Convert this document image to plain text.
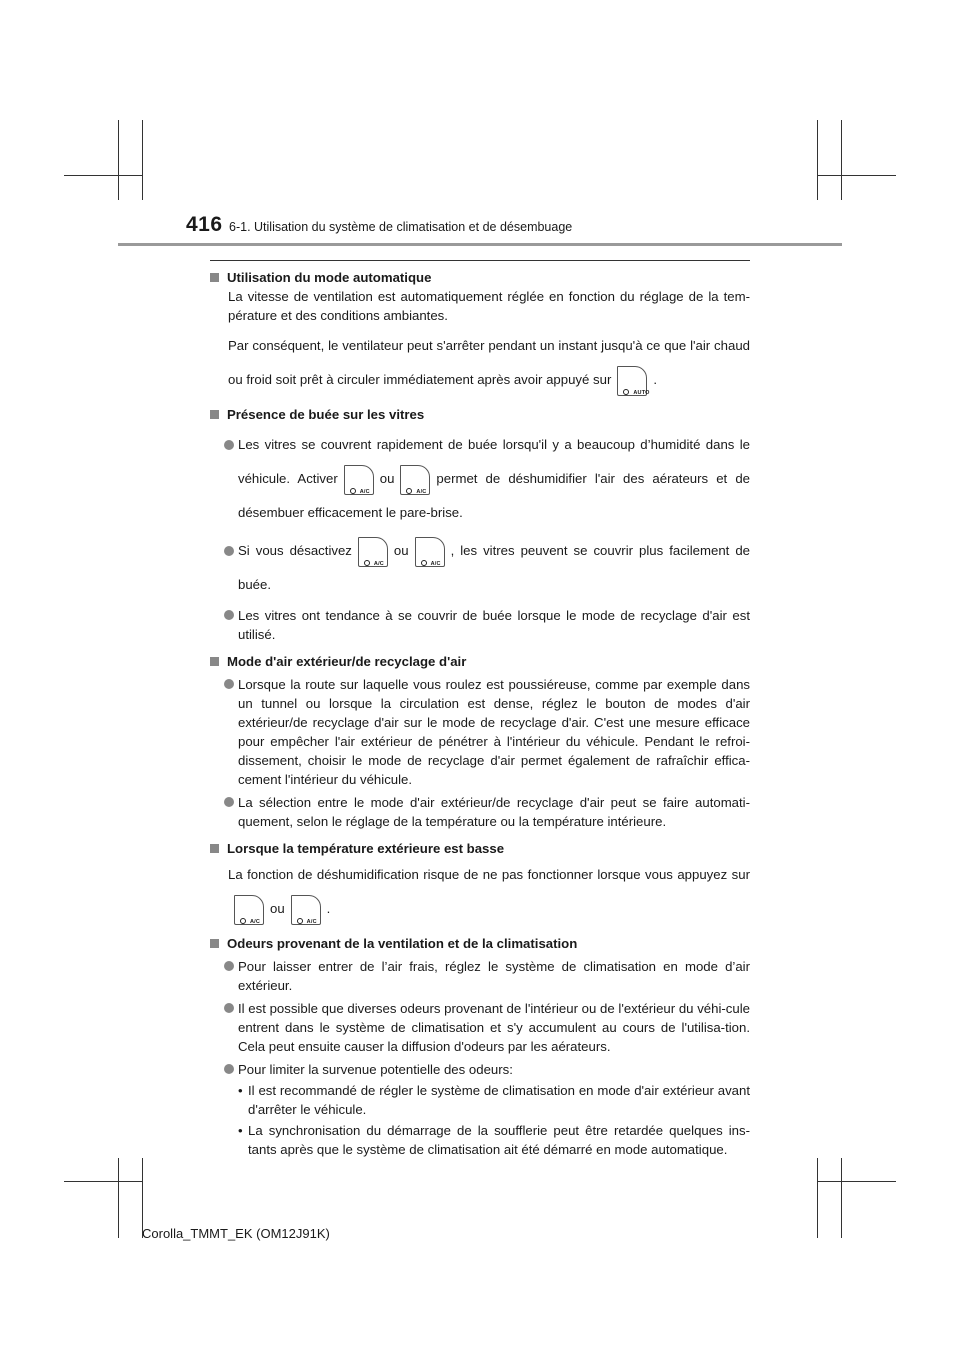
416 6-1. Utilisation du système de climatisation et de désembuage
Utilisation du mode automatique
La vitesse de ventilation est automatiquement réglée en fonction du réglage de la tem-pérature et des conditions ambiantes.
Par conséquent, le ventilateur peut s'arrêter pendant un instant jusqu'à ce que l'air chaud ou froid soit prêt à circuler immédiatement après avoir appuyé sur
AUTO
.
Présence de buée sur les vitres
Les vitres se couvrent rapidement de buée lorsqu'il y a beaucoup d’humidité dans le véhicule. Activer
A/C
ou
A/C
permet de déshumidifier l'air des aérateurs et de désembuer efficacement le pare-brise.
Si vous désactivez
A/C
ou
A/C
, les vitres peuvent se couvrir plus facilement de buée.
Les vitres ont tendance à se couvrir de buée lorsque le mode de recyclage d'air est utilisé.
Mode d'air extérieur/de recyclage d'air
Lorsque la route sur laquelle vous roulez est poussiéreuse, comme par exemple dans un tunnel ou lorsque la circulation est dense, réglez le bouton de modes d'air extérieur/de recyclage d'air sur le mode de recyclage d'air. C'est une mesure efficace pour empêcher l'air extérieur de pénétrer à l'intérieur du véhicule. Pendant le refroi-dissement, choisir le mode de recyclage d'air permet également de rafraîchir effica-cement l'intérieur du véhicule.
La sélection entre le mode d'air extérieur/de recyclage d'air peut se faire automati-quement, selon le réglage de la température ou la température intérieure.
Lorsque la température extérieure est basse
La fonction de déshumidification risque de ne pas fonctionner lorsque vous appuyez sur
A/C
ou
A/C
.
Odeurs provenant de la ventilation et de la climatisation
Pour laisser entrer de l’air frais, réglez le système de climatisation en mode d’air extérieur.
Il est possible que diverses odeurs provenant de l'intérieur ou de l'extérieur du véhi-cule entrent dans le système de climatisation et s'y accumulent au cours de l'utilisa-tion. Cela peut ensuite causer la diffusion d'odeurs par les aérateurs.
Pour limiter la survenue potentielle des odeurs:
• Il est recommandé de régler le système de climatisation en mode d'air extérieur avant d'arrêter le véhicule.
• La synchronisation du démarrage de la soufflerie peut être retardée quelques ins-tants après que le système de climatisation ait été démarré en mode automatique.
Corolla_TMMT_EK (OM12J91K)
